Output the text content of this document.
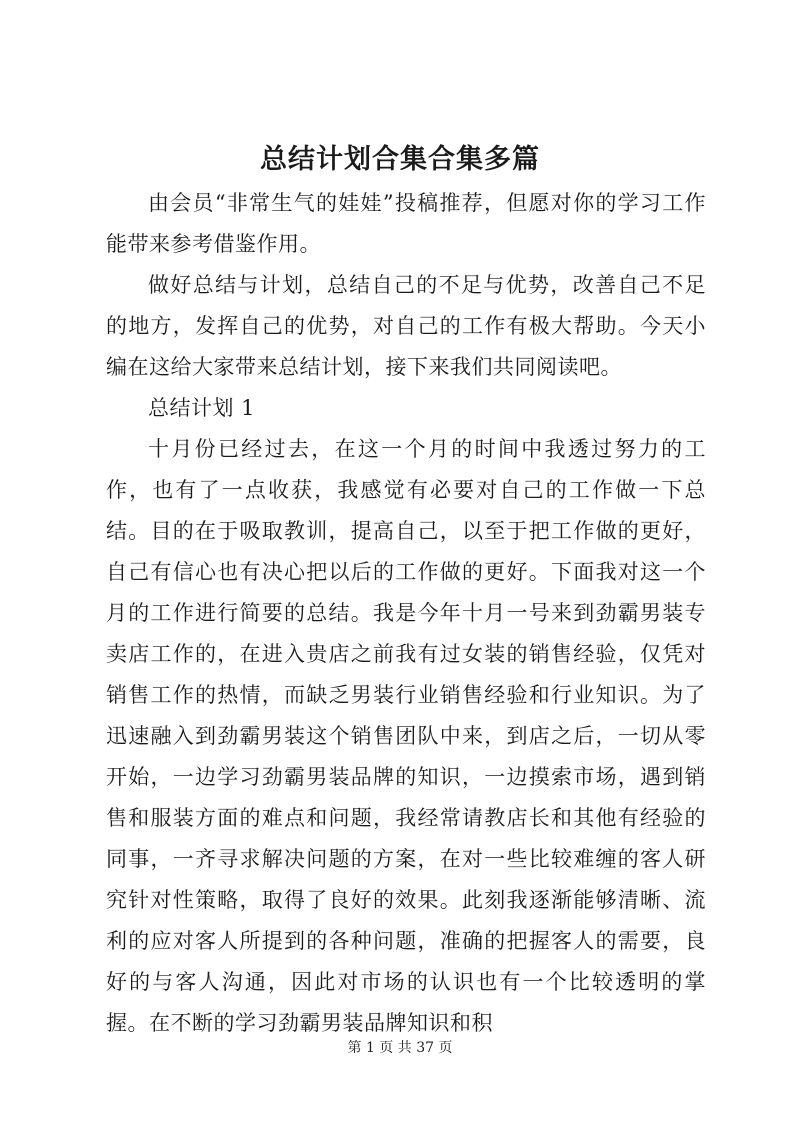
总结计划合集合集多篇

由会员“非常生气的娃娃”投稿推荐，但愿对你的学习工作能带来参考借鉴作用。

做好总结与计划，总结自己的不足与优势，改善自己不足的地方，发挥自己的优势，对自己的工作有极大帮助。今天小编在这给大家带来总结计划，接下来我们共同阅读吧。

总结计划 1

十月份已经过去，在这一个月的时间中我透过努力的工作，也有了一点收获，我感觉有必要对自己的工作做一下总结。目的在于吸取教训，提高自己，以至于把工作做的更好，自己有信心也有决心把以后的工作做的更好。下面我对这一个月的工作进行简要的总结。我是今年十月一号来到劲霸男装专卖店工作的，在进入贵店之前我有过女装的销售经验，仅凭对销售工作的热情，而缺乏男装行业销售经验和行业知识。为了迅速融入到劲霸男装这个销售团队中来，到店之后，一切从零开始，一边学习劲霸男装品牌的知识，一边摸索市场，遇到销售和服装方面的难点和问题，我经常请教店长和其他有经验的同事，一齐寻求解决问题的方案，在对一些比较难缠的客人研究针对性策略，取得了良好的效果。此刻我逐渐能够清晰、流利的应对客人所提到的各种问题，准确的把握客人的需要，良好的与客人沟通，因此对市场的认识也有一个比较透明的掌握。在不断的学习劲霸男装品牌知识和积

第 1 页 共 37 页
